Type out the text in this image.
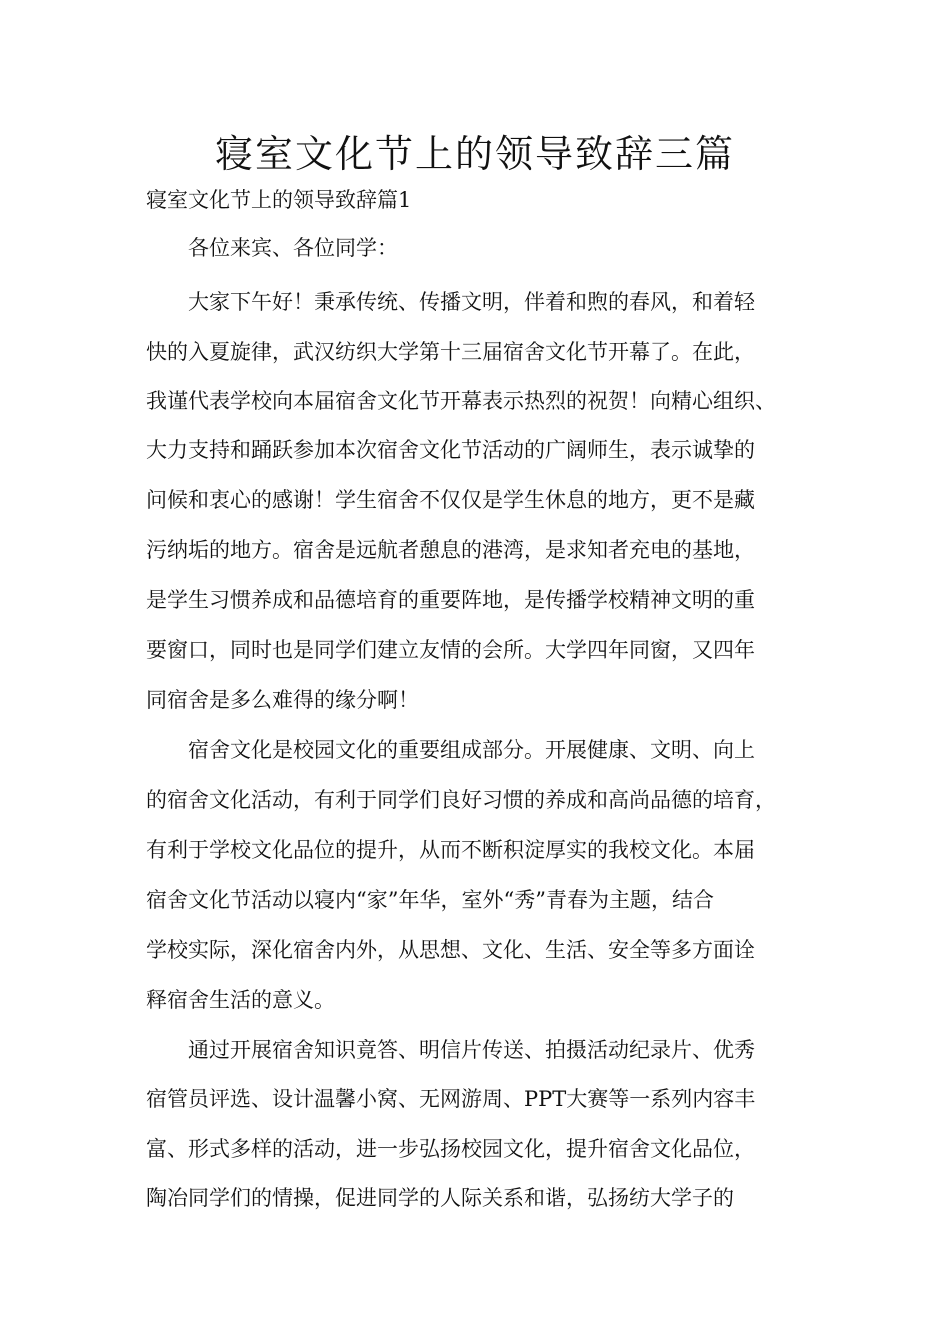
寝室文化节上的领导致辞三篇
寝室文化节上的领导致辞篇1
各位来宾、各位同学：
大家下午好！秉承传统、传播文明，伴着和煦的春风，和着轻
快的入夏旋律，武汉纺织大学第十三届宿舍文化节开幕了。在此，
我谨代表学校向本届宿舍文化节开幕表示热烈的祝贺！向精心组织、
大力支持和踊跃参加本次宿舍文化节活动的广阔师生，表示诚挚的
问候和衷心的感谢！学生宿舍不仅仅是学生休息的地方，更不是藏
污纳垢的地方。宿舍是远航者憩息的港湾，是求知者充电的基地，
是学生习惯养成和品德培育的重要阵地，是传播学校精神文明的重
要窗口，同时也是同学们建立友情的会所。大学四年同窗，又四年
同宿舍是多么难得的缘分啊！
宿舍文化是校园文化的重要组成部分。开展健康、文明、向上
的宿舍文化活动，有利于同学们良好习惯的养成和高尚品德的培育，
有利于学校文化品位的提升，从而不断积淀厚实的我校文化。本届
宿舍文化节活动以寝内“家”年华，室外“秀”青春为主题，结合
学校实际，深化宿舍内外，从思想、文化、生活、安全等多方面诠
释宿舍生活的意义。
通过开展宿舍知识竟答、明信片传送、拍摄活动纪录片、优秀
宿管员评选、设计温馨小窝、无网游周、PPT大赛等一系列内容丰
富、形式多样的活动，进一步弘扬校园文化，提升宿舍文化品位，
陶冶同学们的情操，促进同学的人际关系和谐，弘扬纺大学子的
